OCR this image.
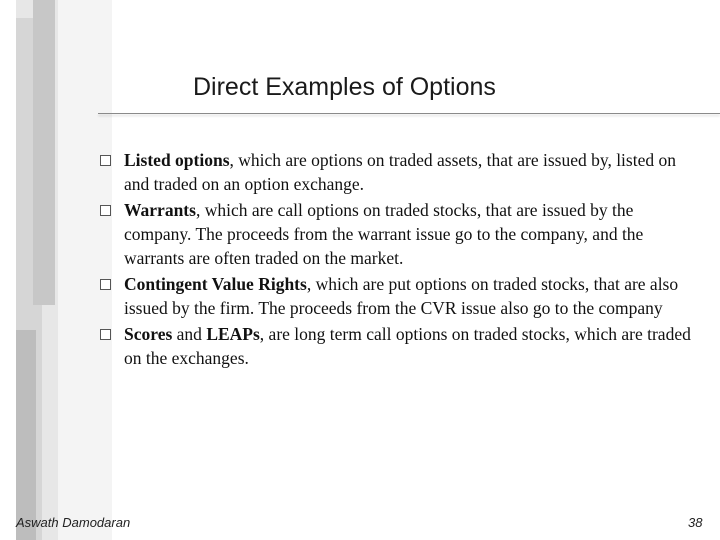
Direct Examples of Options
Listed options, which are options on traded assets, that are issued by, listed on and traded on an option exchange.
Warrants, which are call options on traded stocks, that are issued by the company. The proceeds from the warrant issue go to the company, and the warrants are often traded on the market.
Contingent Value Rights, which are put options on traded stocks, that are also issued by the firm. The proceeds from the CVR issue also go to the company
Scores and LEAPs, are long term call options on traded stocks, which are traded on the exchanges.
Aswath Damodaran	38
